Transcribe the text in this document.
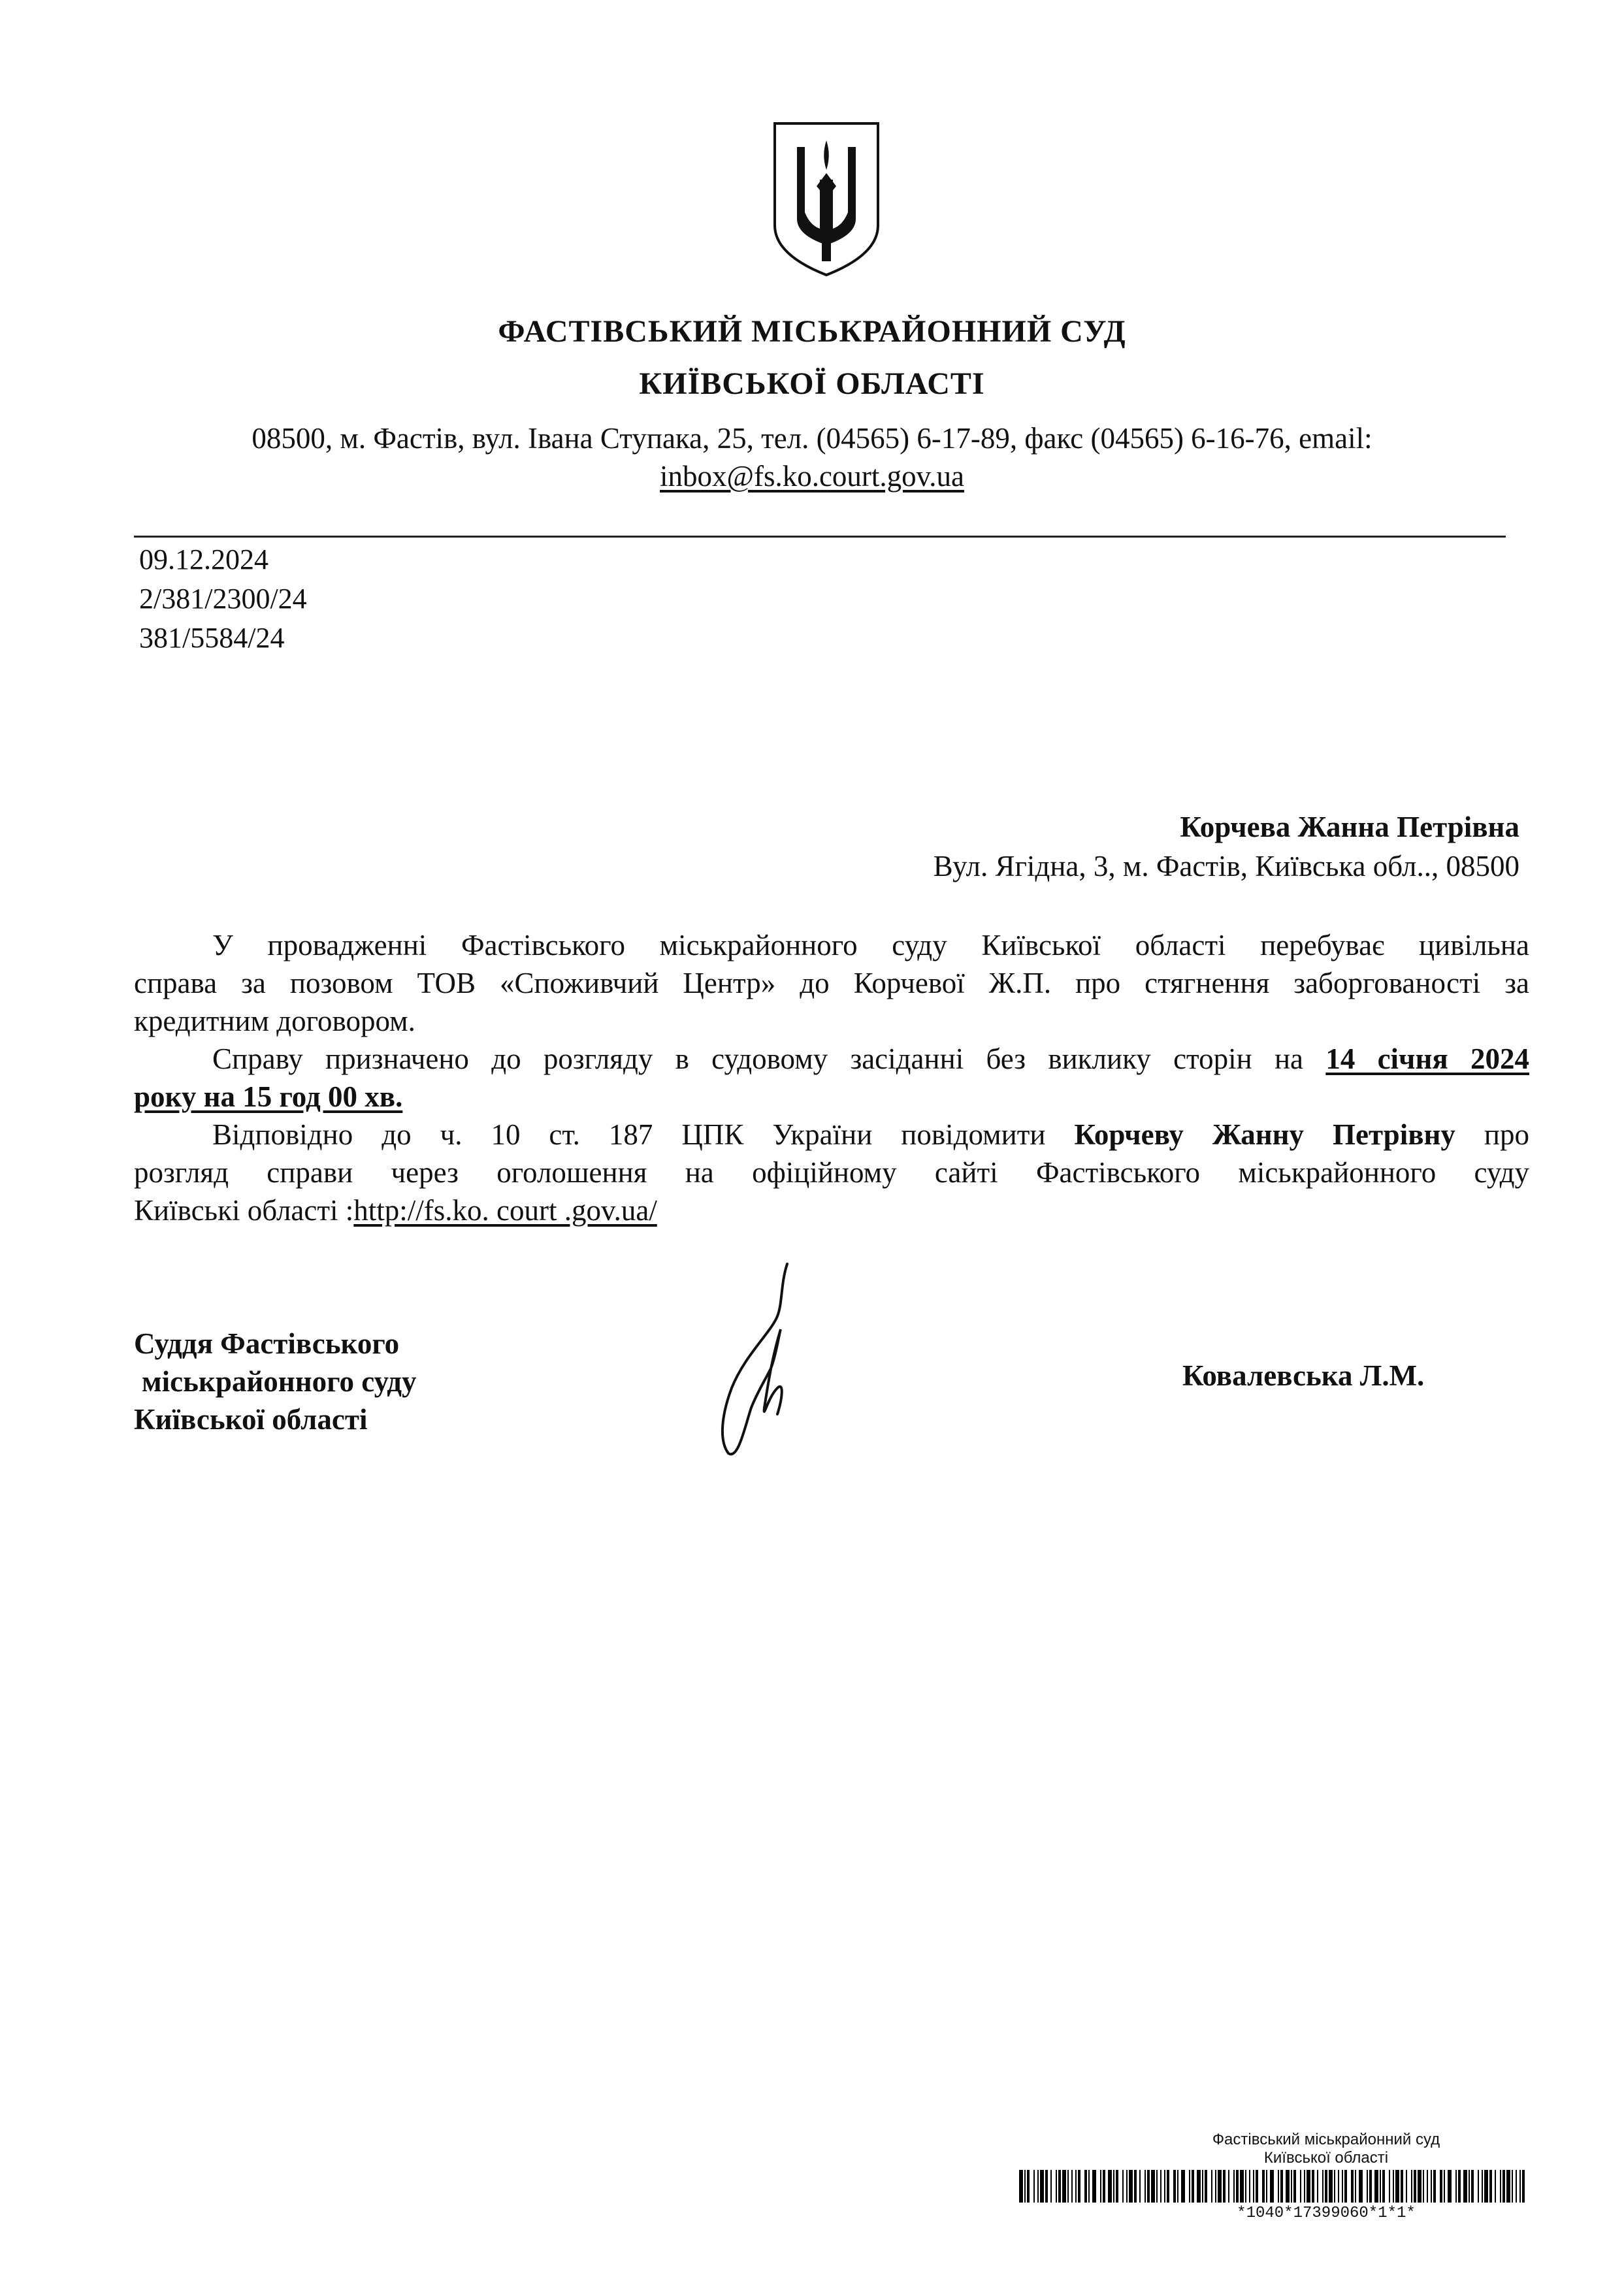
ФАСТІВСЬКИЙ МІСЬКРАЙОННИЙ СУД
КИЇВСЬКОЇ ОБЛАСТІ
08500, м. Фастів, вул. Івана Ступака, 25, тел. (04565) 6-17-89, факс (04565) 6-16-76, email:
inbox@fs.ko.court.gov.ua
09.12.2024
2/381/2300/24
381/5584/24
Корчева Жанна Петрівна
Вул. Ягідна, 3, м. Фастів, Київська обл.., 08500
У провадженні Фастівського міськрайонного суду Київської області перебуває цивільна
справа за позовом ТОВ «Споживчий Центр» до Корчевої Ж.П. про стягнення заборгованості за
кредитним договором.
Справу призначено до розгляду в судовому засіданні без виклику сторін на 14 січня 2024
року на 15 год 00 хв.
Відповідно до ч. 10 ст. 187 ЦПК України повідомити Корчеву Жанну Петрівну про
розгляд справи через оголошення на офіційному сайті Фастівського міськрайонного суду
Київські області :http://fs.ko. court .gov.ua/
Суддя Фастівського
міськрайонного суду
Київської області
Ковалевська Л.М.
Фастівський міськрайонний суд
Київської області
*1040*17399060*1*1*
